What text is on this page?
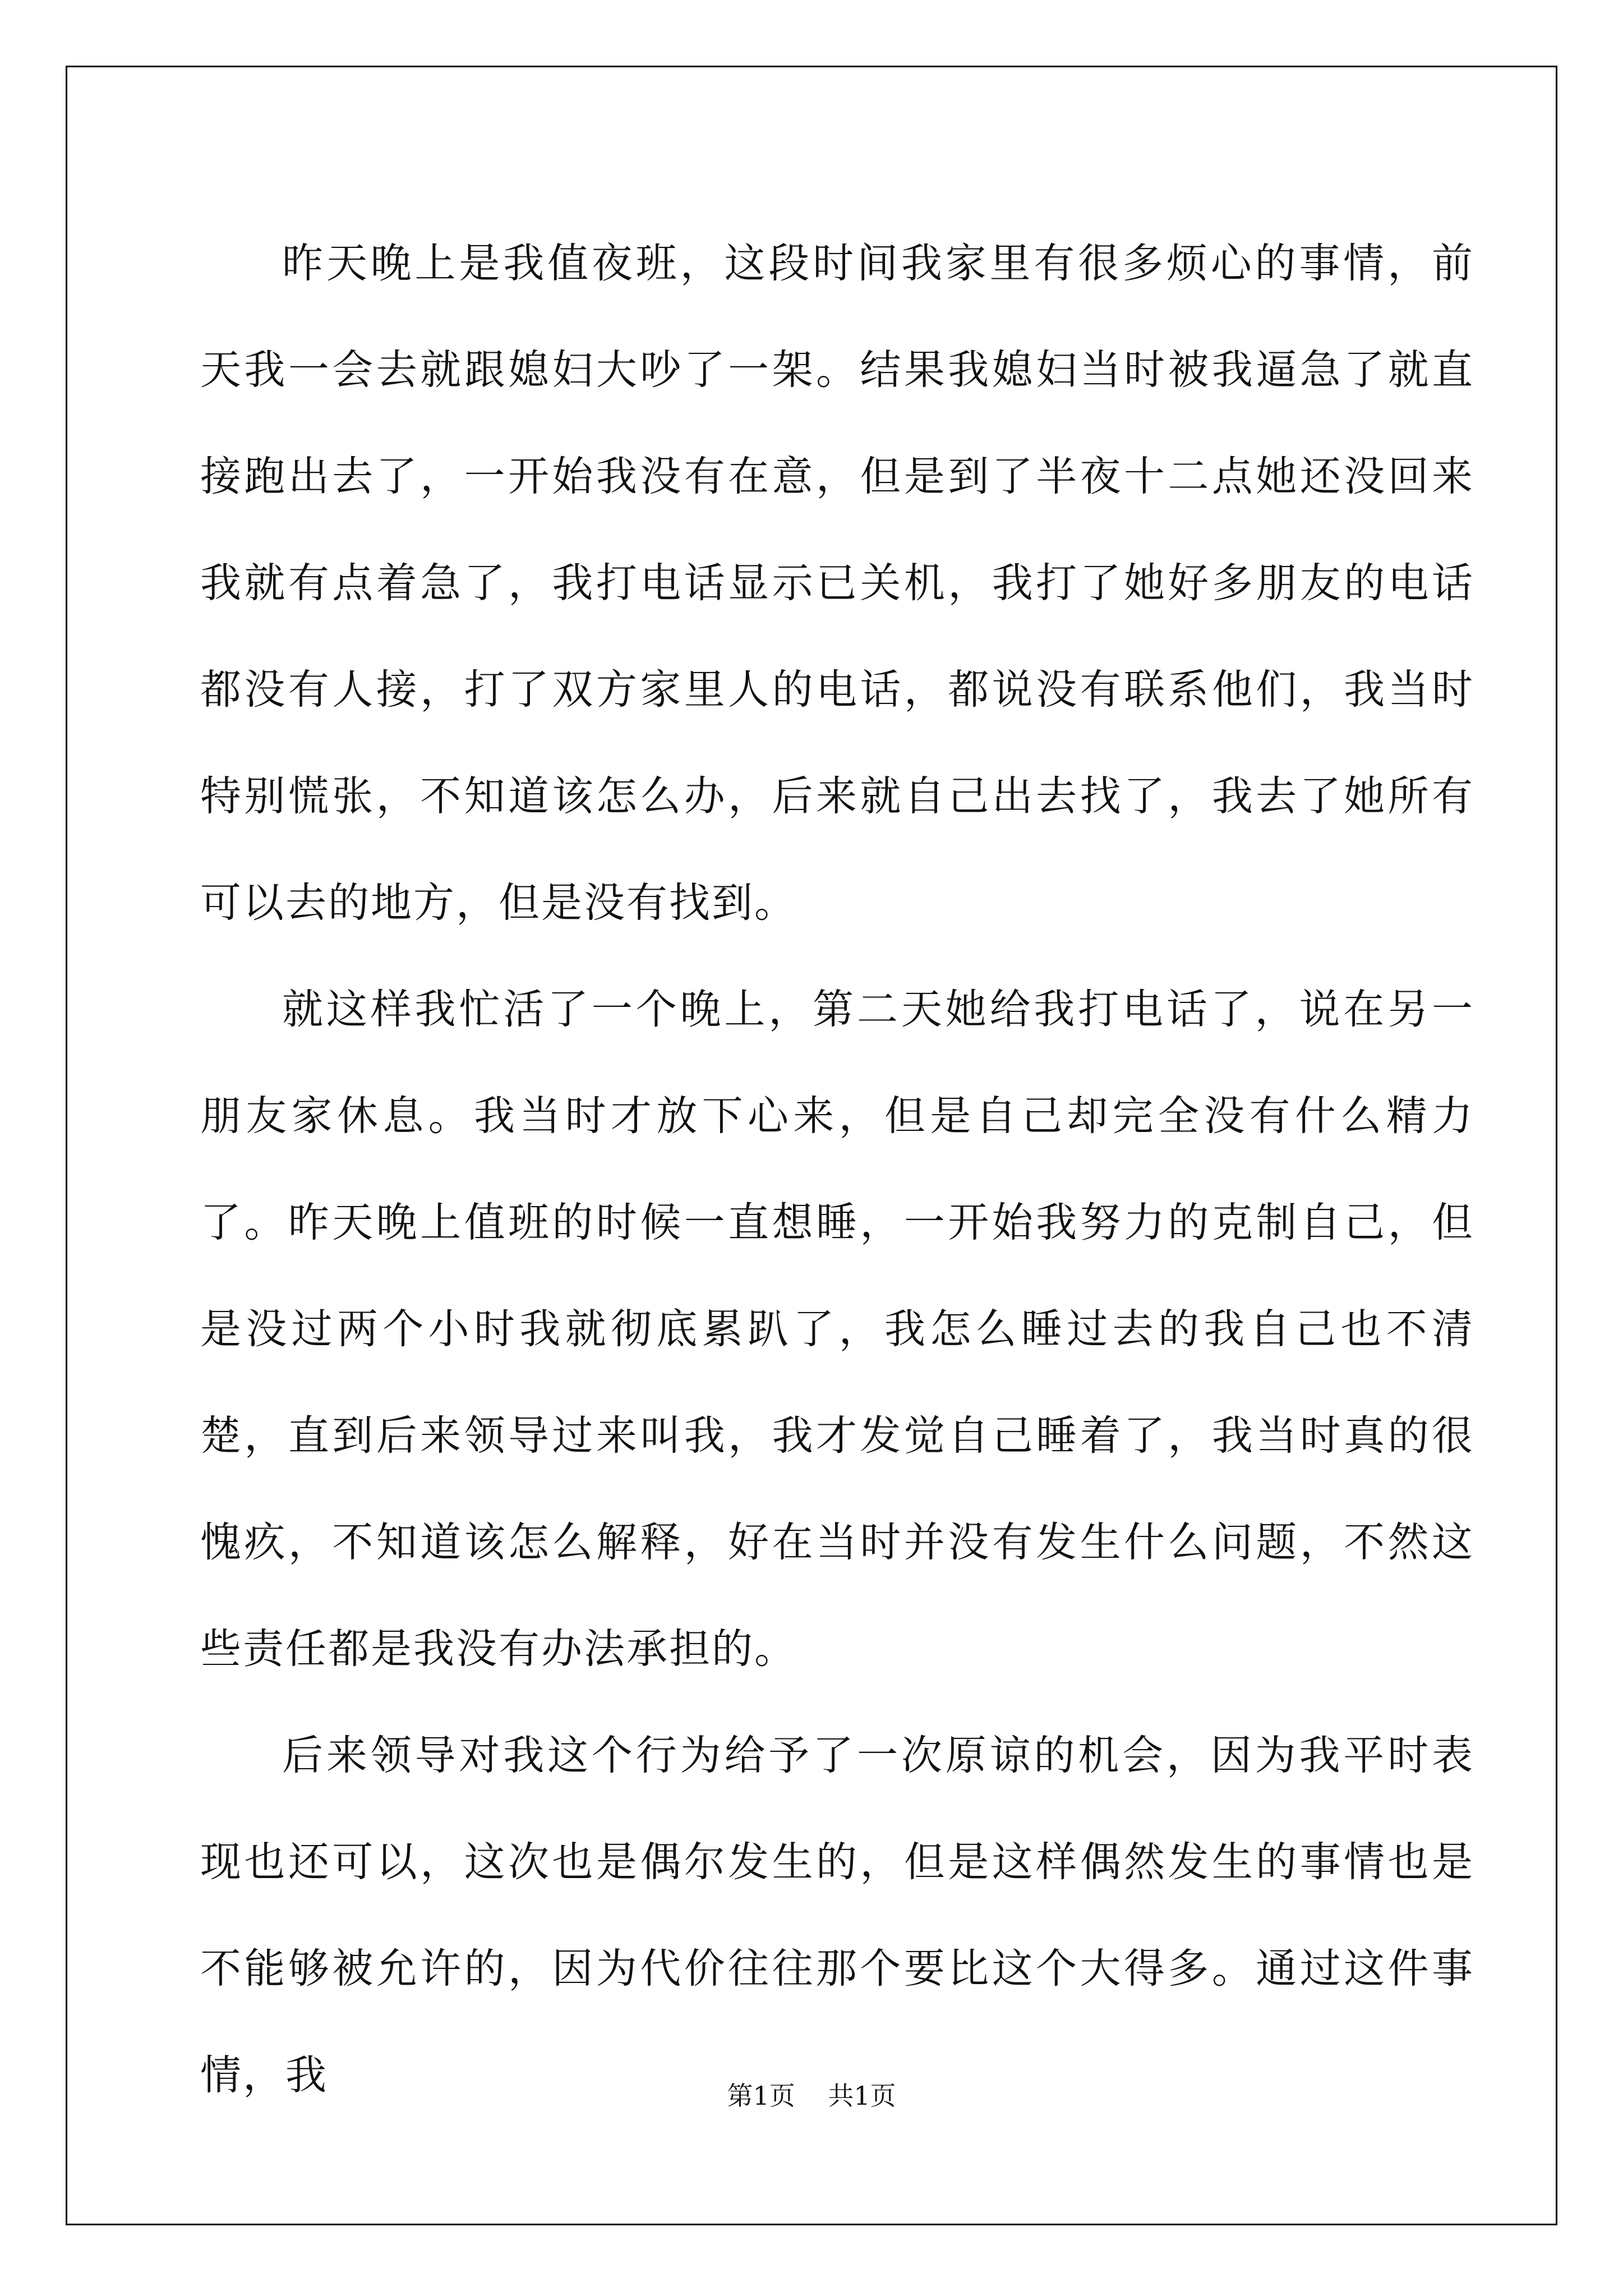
昨天晚上是我值夜班，这段时间我家里有很多烦心的事情，前天我一会去就跟媳妇大吵了一架。结果我媳妇当时被我逼急了就直接跑出去了，一开始我没有在意，但是到了半夜十二点她还没回来我就有点着急了，我打电话显示已关机，我打了她好多朋友的电话都没有人接，打了双方家里人的电话，都说没有联系他们，我当时特别慌张，不知道该怎么办，后来就自己出去找了，我去了她所有可以去的地方，但是没有找到。

就这样我忙活了一个晚上，第二天她给我打电话了，说在另一朋友家休息。我当时才放下心来，但是自己却完全没有什么精力了。昨天晚上值班的时候一直想睡，一开始我努力的克制自己，但是没过两个小时我就彻底累趴了，我怎么睡过去的我自己也不清楚，直到后来领导过来叫我，我才发觉自己睡着了，我当时真的很愧疚，不知道该怎么解释，好在当时并没有发生什么问题，不然这些责任都是我没有办法承担的。

后来领导对我这个行为给予了一次原谅的机会，因为我平时表现也还可以，这次也是偶尔发生的，但是这样偶然发生的事情也是不能够被允许的，因为代价往往那个要比这个大得多。通过这件事情，我	第1页 共1页
